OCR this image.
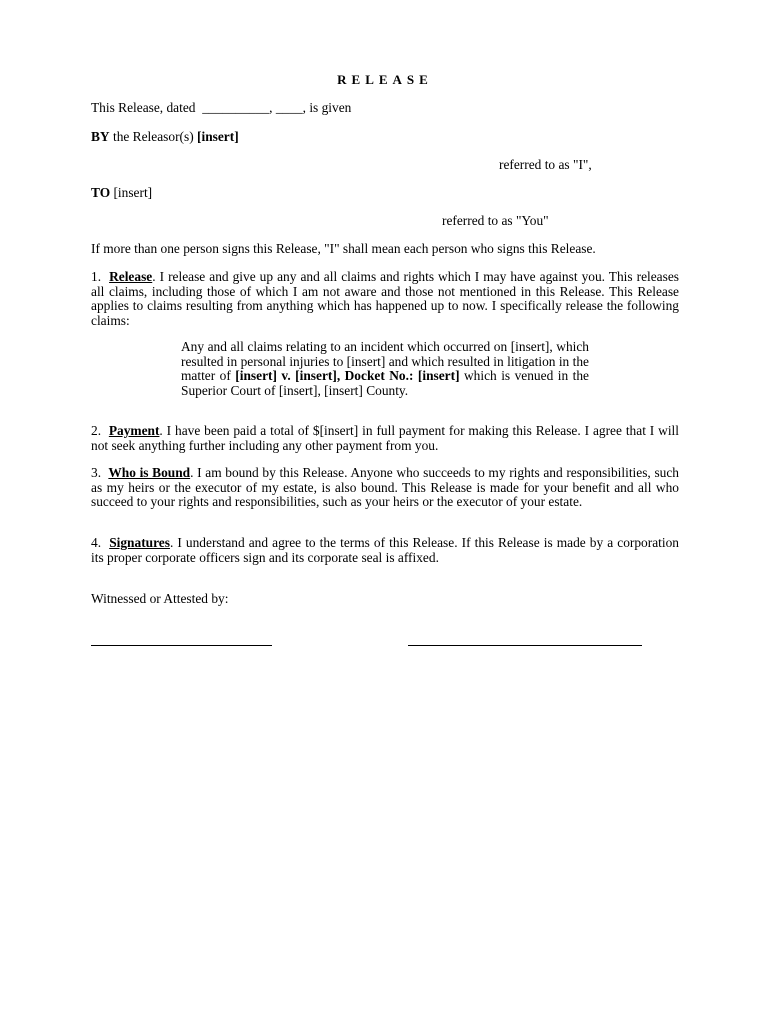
RELEASE

This Release, dated __________, ____, is given

BY the Releasor(s) [insert]

referred to as "I",

TO [insert]

referred to as "You"

If more than one person signs this Release, "I" shall mean each person who signs this Release.

1. Release. I release and give up any and all claims and rights which I may have against you. This releases all claims, including those of which I am not aware and those not mentioned in this Release. This Release applies to claims resulting from anything which has happened up to now. I specifically release the following claims:

Any and all claims relating to an incident which occurred on [insert], which resulted in personal injuries to [insert] and which resulted in litigation in the matter of [insert] v. [insert], Docket No.: [insert] which is venued in the Superior Court of [insert], [insert] County.

2. Payment. I have been paid a total of $[insert] in full payment for making this Release. I agree that I will not seek anything further including any other payment from you.

3. Who is Bound. I am bound by this Release. Anyone who succeeds to my rights and responsibilities, such as my heirs or the executor of my estate, is also bound. This Release is made for your benefit and all who succeed to your rights and responsibilities, such as your heirs or the executor of your estate.

4. Signatures. I understand and agree to the terms of this Release. If this Release is made by a corporation its proper corporate officers sign and its corporate seal is affixed.

Witnessed or Attested by:
